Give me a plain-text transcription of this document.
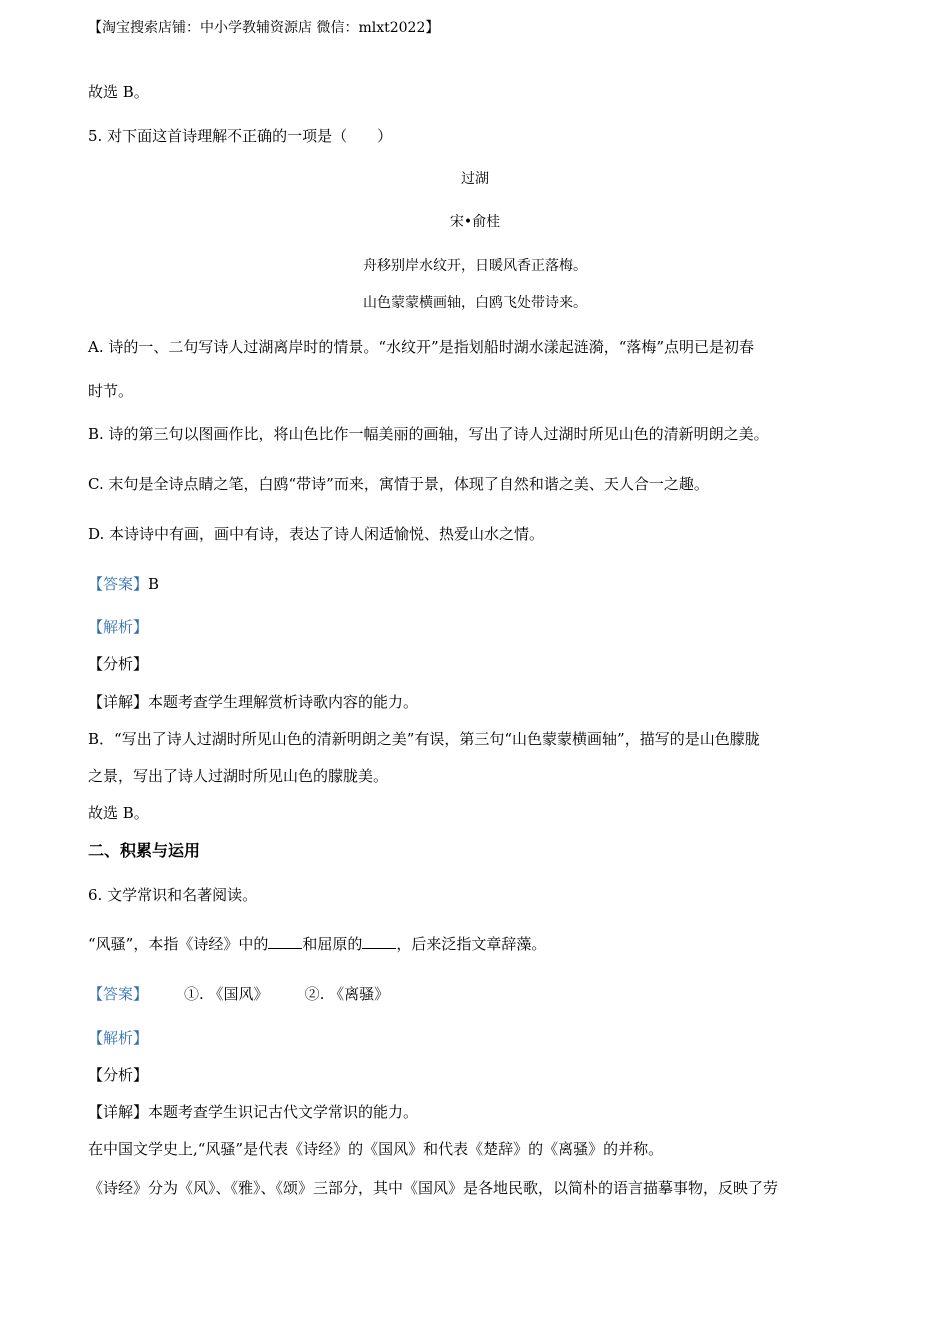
【淘宝搜索店铺：中小学教辅资源店 微信：mlxt2022】
故选 B。
5. 对下面这首诗理解不正确的一项是（　　）
过湖
宋•俞桂
舟移别岸水纹开，日暖风香正落梅。
山色蒙蒙横画轴，白鸥飞处带诗来。
A. 诗的一、二句写诗人过湖离岸时的情景。“水纹开”是指划船时湖水漾起涟漪，“落梅”点明已是初春
时节。
B. 诗的第三句以图画作比，将山色比作一幅美丽的画轴，写出了诗人过湖时所见山色的清新明朗之美。
C. 末句是全诗点睛之笔，白鸥“带诗”而来，寓情于景，体现了自然和谐之美、天人合一之趣。
D. 本诗诗中有画，画中有诗，表达了诗人闲适愉悦、热爱山水之情。
【答案】B
【解析】
【分析】
【详解】本题考查学生理解赏析诗歌内容的能力。
B．“写出了诗人过湖时所见山色的清新明朗之美”有误，第三句“山色蒙蒙横画轴”，描写的是山色朦胧
之景，写出了诗人过湖时所见山色的朦胧美。
故选 B。
二、积累与运用
6. 文学常识和名著阅读。
“风骚”，本指《诗经》中的 和屈原的 ，后来泛指文章辞藻。
【答案】 ①. 《国风》 ②. 《离骚》
【解析】
【分析】
【详解】本题考查学生识记古代文学常识的能力。
在中国文学史上,“风骚”是代表《诗经》的《国风》和代表《楚辞》的《离骚》的并称。
《诗经》分为《风》、《雅》、《颂》三部分，其中《国风》是各地民歌，以简朴的语言描摹事物，反映了劳
